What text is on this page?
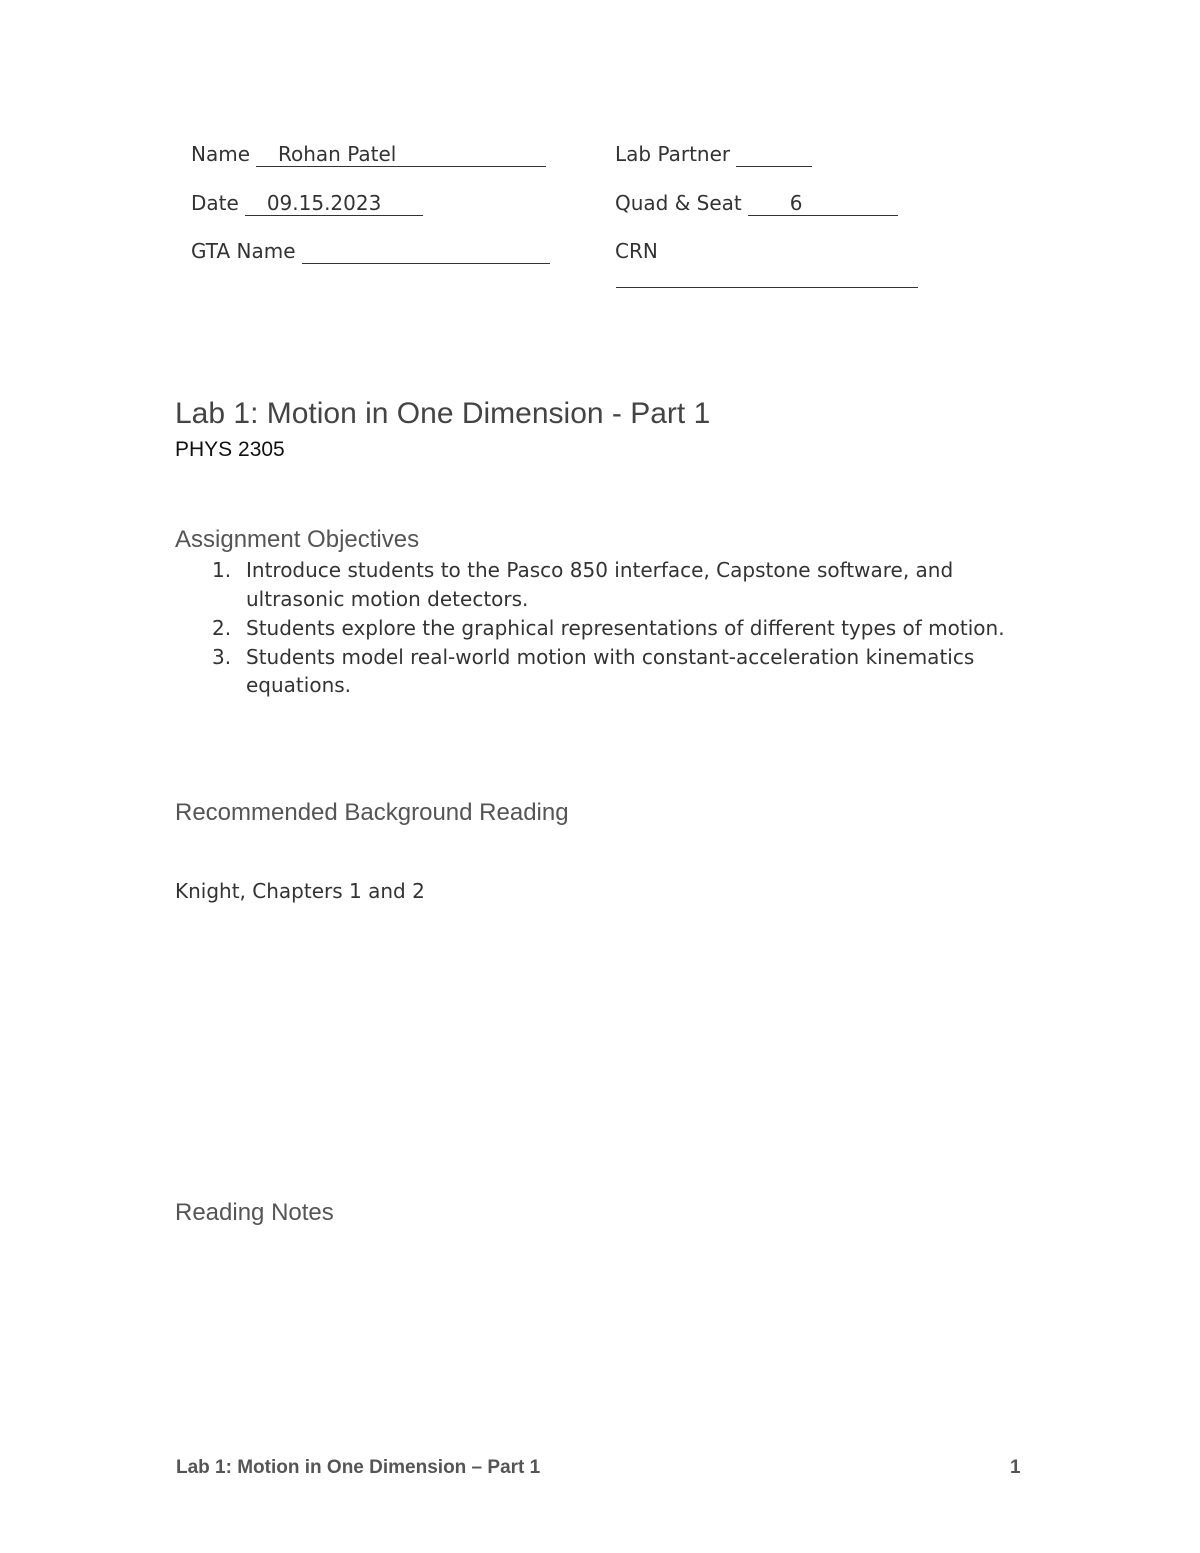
Name Rohan Patel	Lab Partner
Date 09.15.2023	Quad & Seat 6
GTA Name	CRN
Lab 1: Motion in One Dimension - Part 1
PHYS 2305
Assignment Objectives
1. Introduce students to the Pasco 850 interface, Capstone software, and ultrasonic motion detectors.
2. Students explore the graphical representations of different types of motion.
3. Students model real-world motion with constant-acceleration kinematics equations.
Recommended Background Reading
Knight, Chapters 1 and 2
Reading Notes
Lab 1: Motion in One Dimension – Part 1	1
